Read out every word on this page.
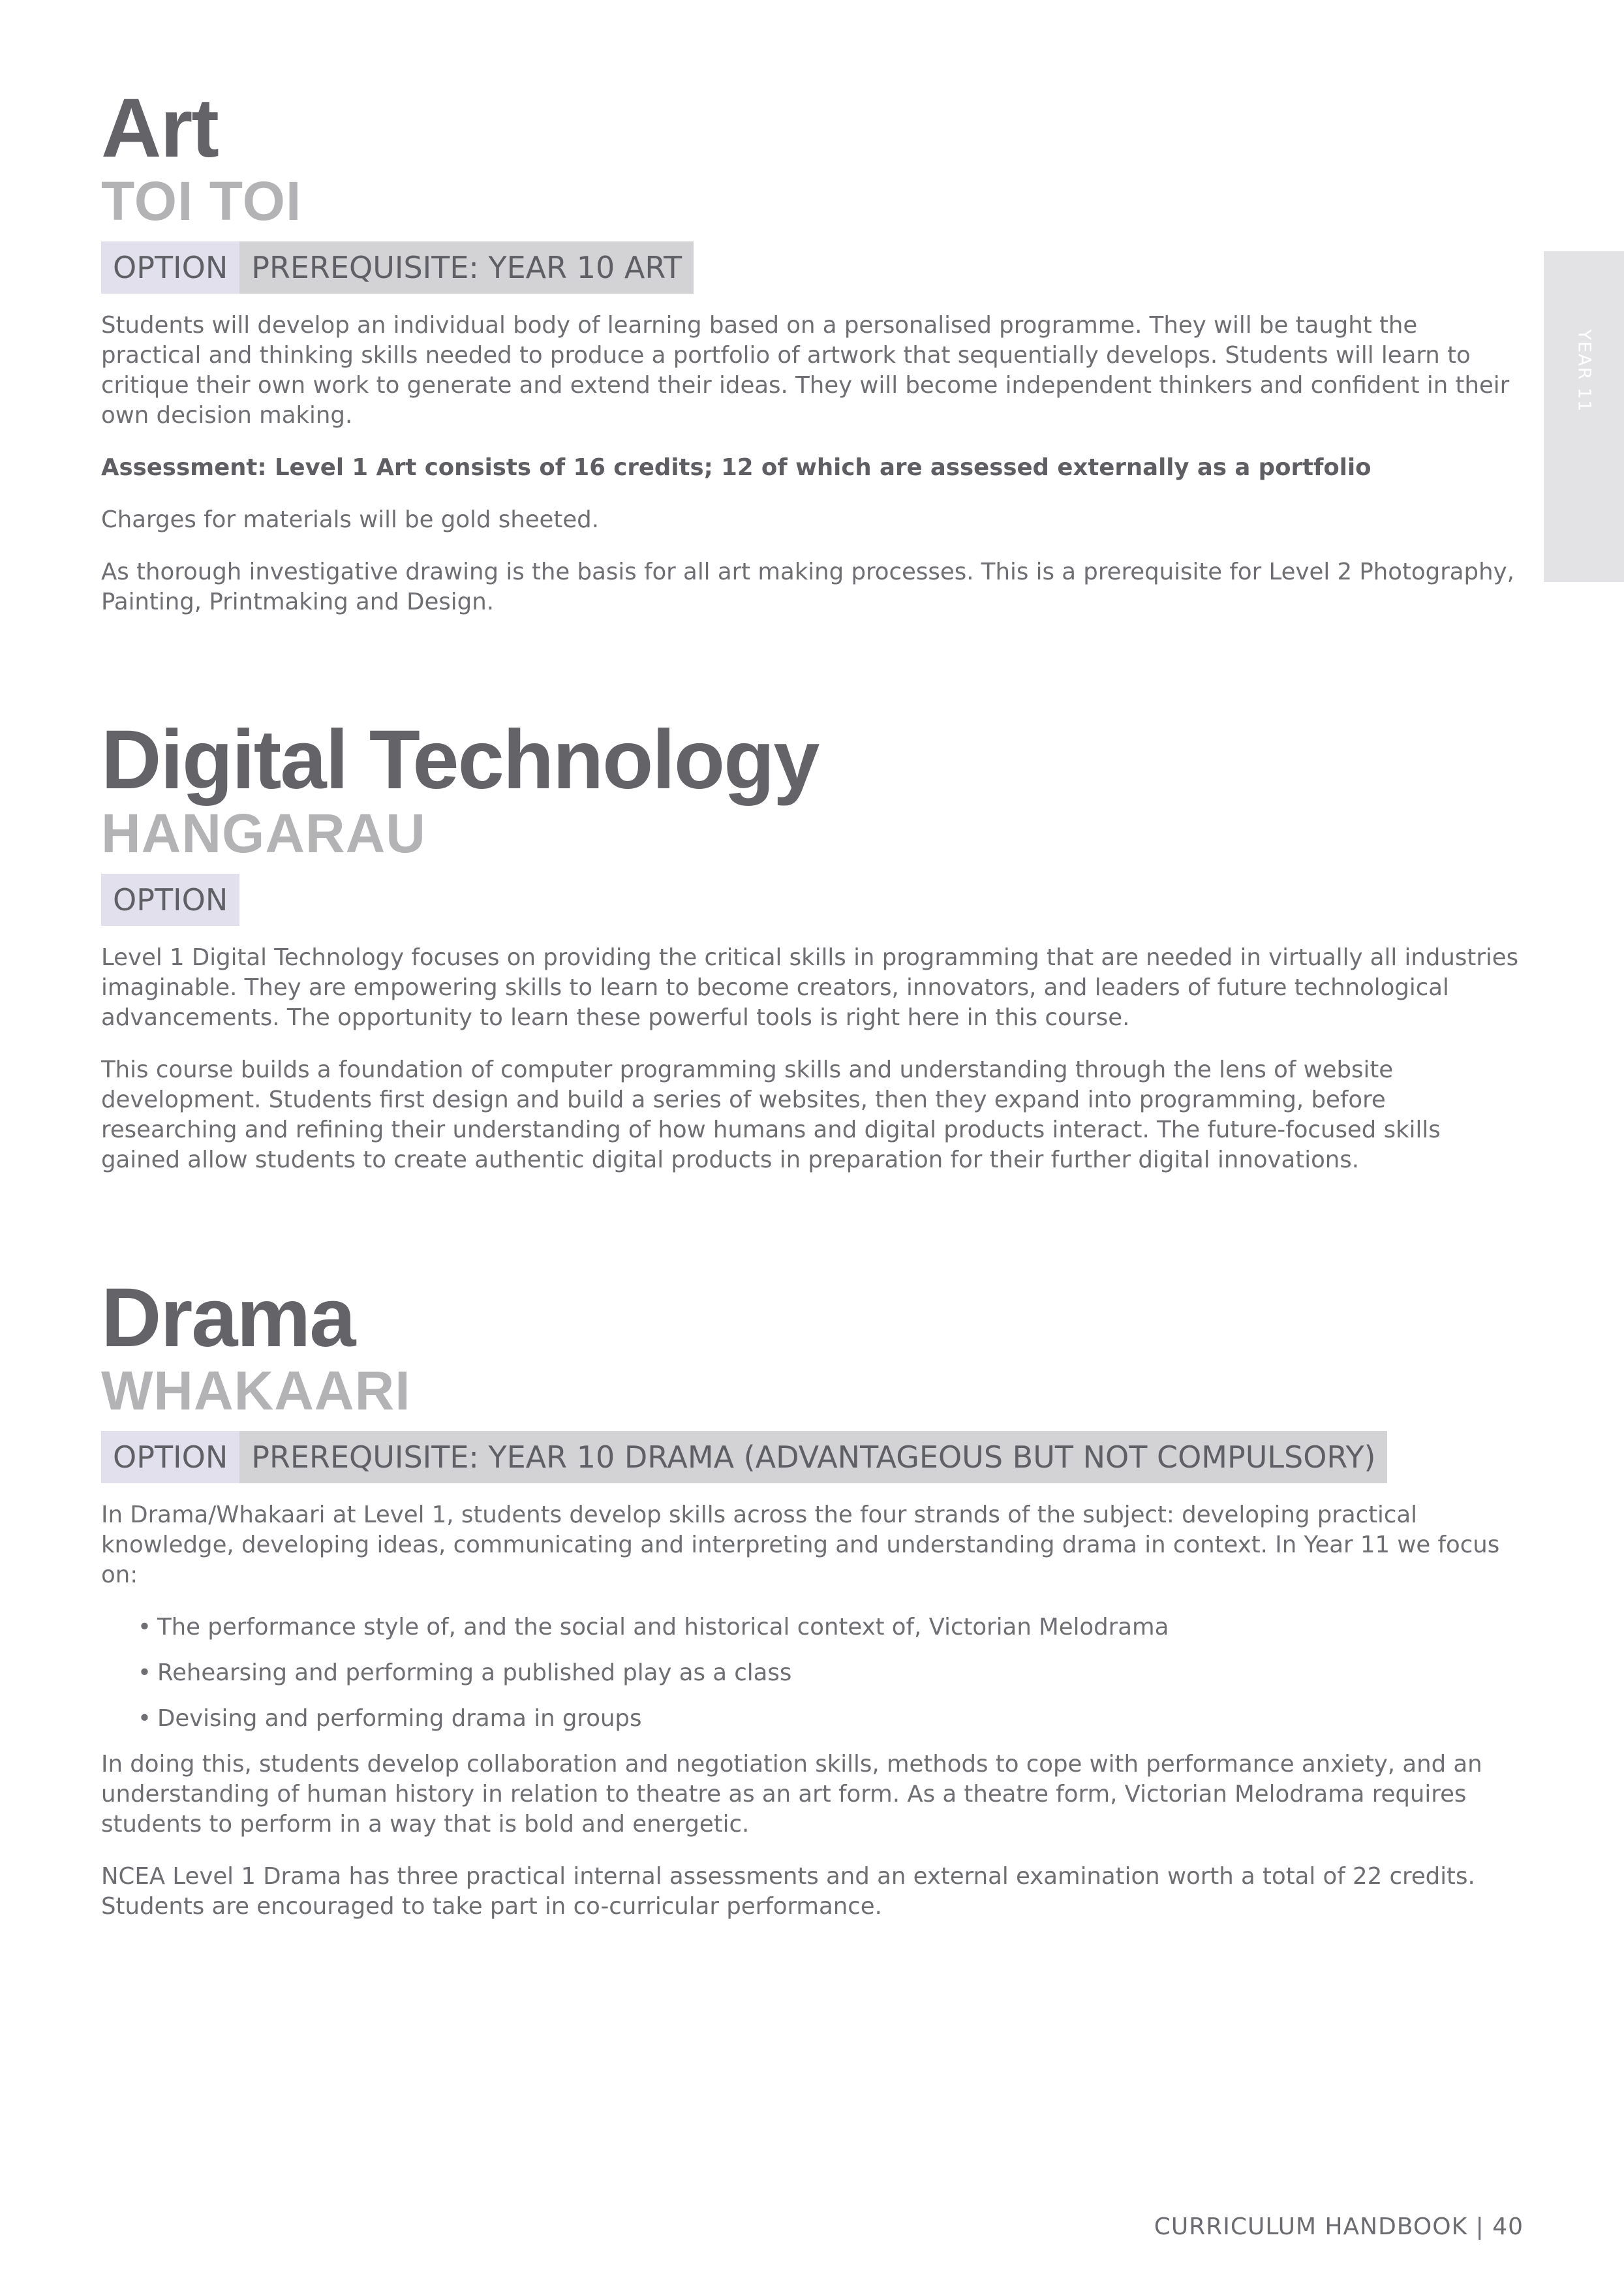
YEAR 11
Art
TOI TOI
OPTION PREREQUISITE: YEAR 10 ART

Students will develop an individual body of learning based on a personalised programme. They will be taught the practical and thinking skills needed to produce a portfolio of artwork that sequentially develops. Students will learn to critique their own work to generate and extend their ideas. They will become independent thinkers and confident in their own decision making.

Assessment: Level 1 Art consists of 16 credits; 12 of which are assessed externally as a portfolio

Charges for materials will be gold sheeted.

As thorough investigative drawing is the basis for all art making processes. This is a prerequisite for Level 2 Photography, Painting, Printmaking and Design.

Digital Technology
HANGARAU
OPTION

Level 1 Digital Technology focuses on providing the critical skills in programming that are needed in virtually all industries imaginable. They are empowering skills to learn to become creators, innovators, and leaders of future technological advancements. The opportunity to learn these powerful tools is right here in this course.

This course builds a foundation of computer programming skills and understanding through the lens of website development. Students first design and build a series of websites, then they expand into programming, before researching and refining their understanding of how humans and digital products interact. The future-focused skills gained allow students to create authentic digital products in preparation for their further digital innovations.

Drama
WHAKAARI
OPTION PREREQUISITE: YEAR 10 DRAMA (ADVANTAGEOUS BUT NOT COMPULSORY)

In Drama/Whakaari at Level 1, students develop skills across the four strands of the subject: developing practical knowledge, developing ideas, communicating and interpreting and understanding drama in context. In Year 11 we focus on:

• The performance style of, and the social and historical context of, Victorian Melodrama
• Rehearsing and performing a published play as a class
• Devising and performing drama in groups

In doing this, students develop collaboration and negotiation skills, methods to cope with performance anxiety, and an understanding of human history in relation to theatre as an art form. As a theatre form, Victorian Melodrama requires students to perform in a way that is bold and energetic.

NCEA Level 1 Drama has three practical internal assessments and an external examination worth a total of 22 credits. Students are encouraged to take part in co-curricular performance.

CURRICULUM HANDBOOK | 40
